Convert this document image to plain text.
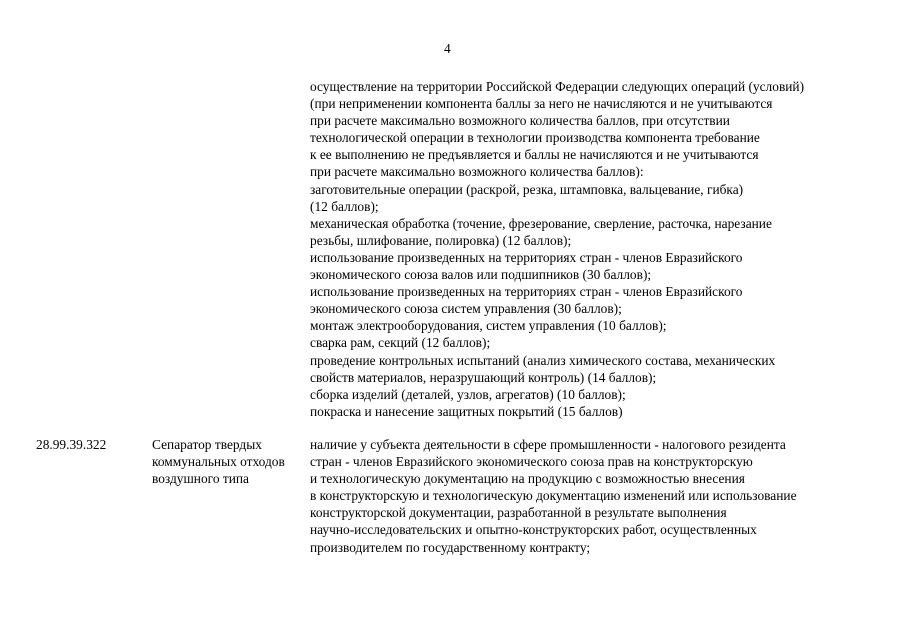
4
осуществление на территории Российской Федерации следующих операций (условий)
(при неприменении компонента баллы за него не начисляются и не учитываются
при расчете максимально возможного количества баллов, при отсутствии
технологической операции в технологии производства компонента требование
к ее выполнению не предъявляется и баллы не начисляются и не учитываются
при расчете максимально возможного количества баллов):
заготовительные операции (раскрой, резка, штамповка, вальцевание, гибка)
(12 баллов);
механическая обработка (точение, фрезерование, сверление, расточка, нарезание
резьбы, шлифование, полировка) (12 баллов);
использование произведенных на территориях стран - членов Евразийского
экономического союза валов или подшипников (30 баллов);
использование произведенных на территориях стран - членов Евразийского
экономического союза систем управления (30 баллов);
монтаж электрооборудования, систем управления (10 баллов);
сварка рам, секций (12 баллов);
проведение контрольных испытаний (анализ химического состава, механических
свойств материалов, неразрушающий контроль) (14 баллов);
сборка изделий (деталей, узлов, агрегатов) (10 баллов);
покраска и нанесение защитных покрытий (15 баллов)
28.99.39.322	Сепаратор твердых
коммунальных отходов
воздушного типа
наличие у субъекта деятельности в сфере промышленности - налогового резидента
стран - членов Евразийского экономического союза прав на конструкторскую
и технологическую документацию на продукцию с возможностью внесения
в конструкторскую и технологическую документацию изменений или использование
конструкторской документации, разработанной в результате выполнения
научно-исследовательских и опытно-конструкторских работ, осуществленных
производителем по государственному контракту;
